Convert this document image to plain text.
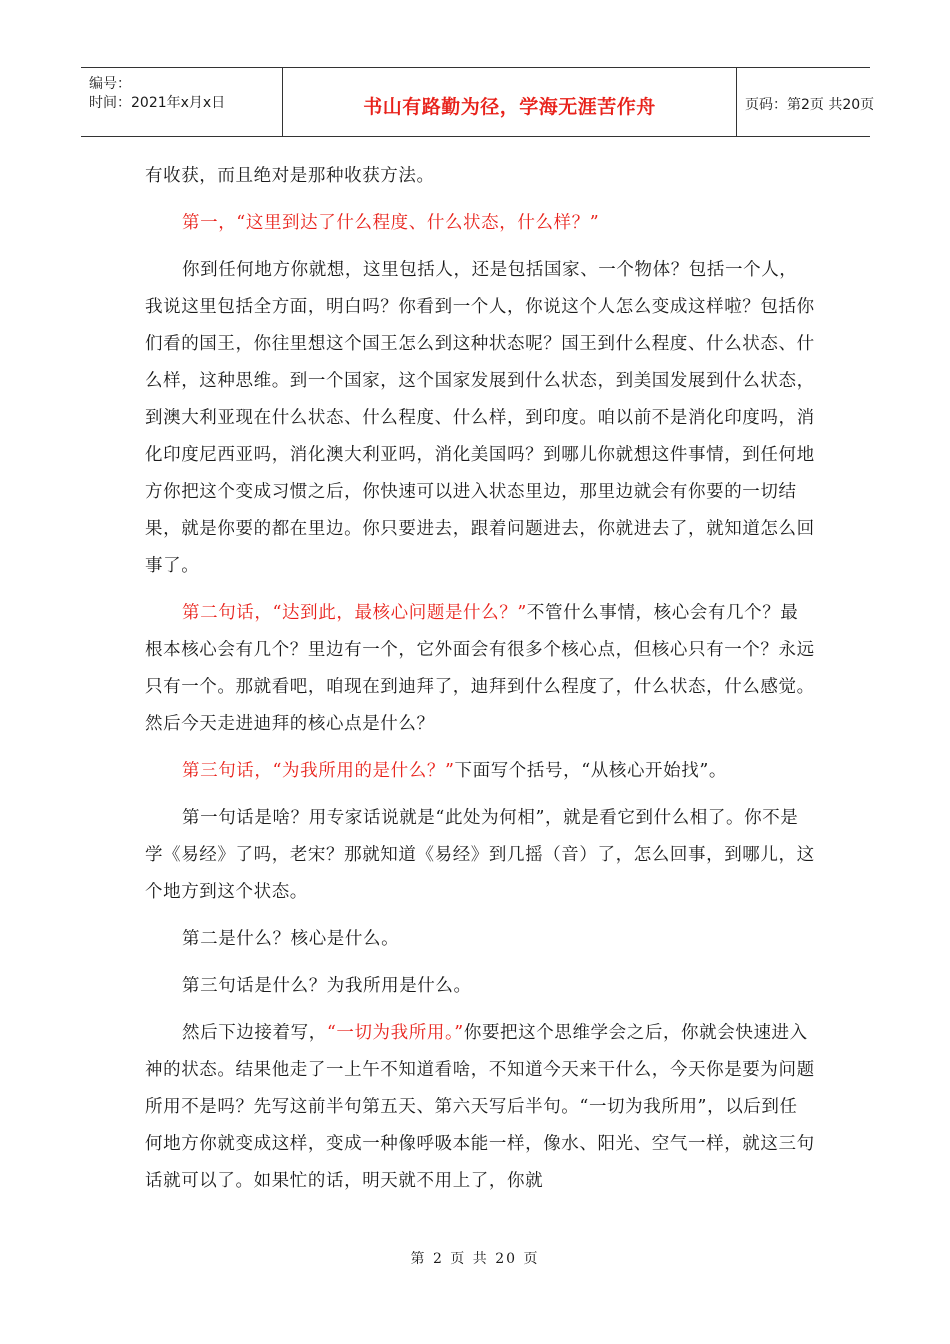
编号：
时间：2021年x月x日	书山有路勤为径，学海无涯苦作舟	页码：第2页 共20页

有收获，而且绝对是那种收获方法。

第一，“这里到达了什么程度、什么状态，什么样？”

你到任何地方你就想，这里包括人，还是包括国家、一个物体？包括一个人，我说这里包括全方面，明白吗？你看到一个人，你说这个人怎么变成这样啦？包括你们看的国王，你往里想这个国王怎么到这种状态呢？国王到什么程度、什么状态、什么样，这种思维。到一个国家，这个国家发展到什么状态，到美国发展到什么状态，到澳大利亚现在什么状态、什么程度、什么样，到印度。咱以前不是消化印度吗，消化印度尼西亚吗，消化澳大利亚吗，消化美国吗？到哪儿你就想这件事情，到任何地方你把这个变成习惯之后，你快速可以进入状态里边，那里边就会有你要的一切结果，就是你要的都在里边。你只要进去，跟着问题进去，你就进去了，就知道怎么回事了。

第二句话，“达到此，最核心问题是什么？”不管什么事情，核心会有几个？最根本核心会有几个？里边有一个，它外面会有很多个核心点，但核心只有一个？永远只有一个。那就看吧，咱现在到迪拜了，迪拜到什么程度了，什么状态，什么感觉。然后今天走进迪拜的核心点是什么？

第三句话，“为我所用的是什么？”下面写个括号，“从核心开始找”。

第一句话是啥？用专家话说就是“此处为何相”，就是看它到什么相了。你不是学《易经》了吗，老宋？那就知道《易经》到几摇（音）了，怎么回事，到哪儿，这个地方到这个状态。

第二是什么？核心是什么。

第三句话是什么？为我所用是什么。

然后下边接着写，“一切为我所用。”你要把这个思维学会之后，你就会快速进入神的状态。结果他走了一上午不知道看啥，不知道今天来干什么，今天你是要为问题所用不是吗？先写这前半句第五天、第六天写后半句。“一切为我所用”，以后到任何地方你就变成这样，变成一种像呼吸本能一样，像水、阳光、空气一样，就这三句话就可以了。如果忙的话，明天就不用上了，你就

第 2 页 共 20 页
